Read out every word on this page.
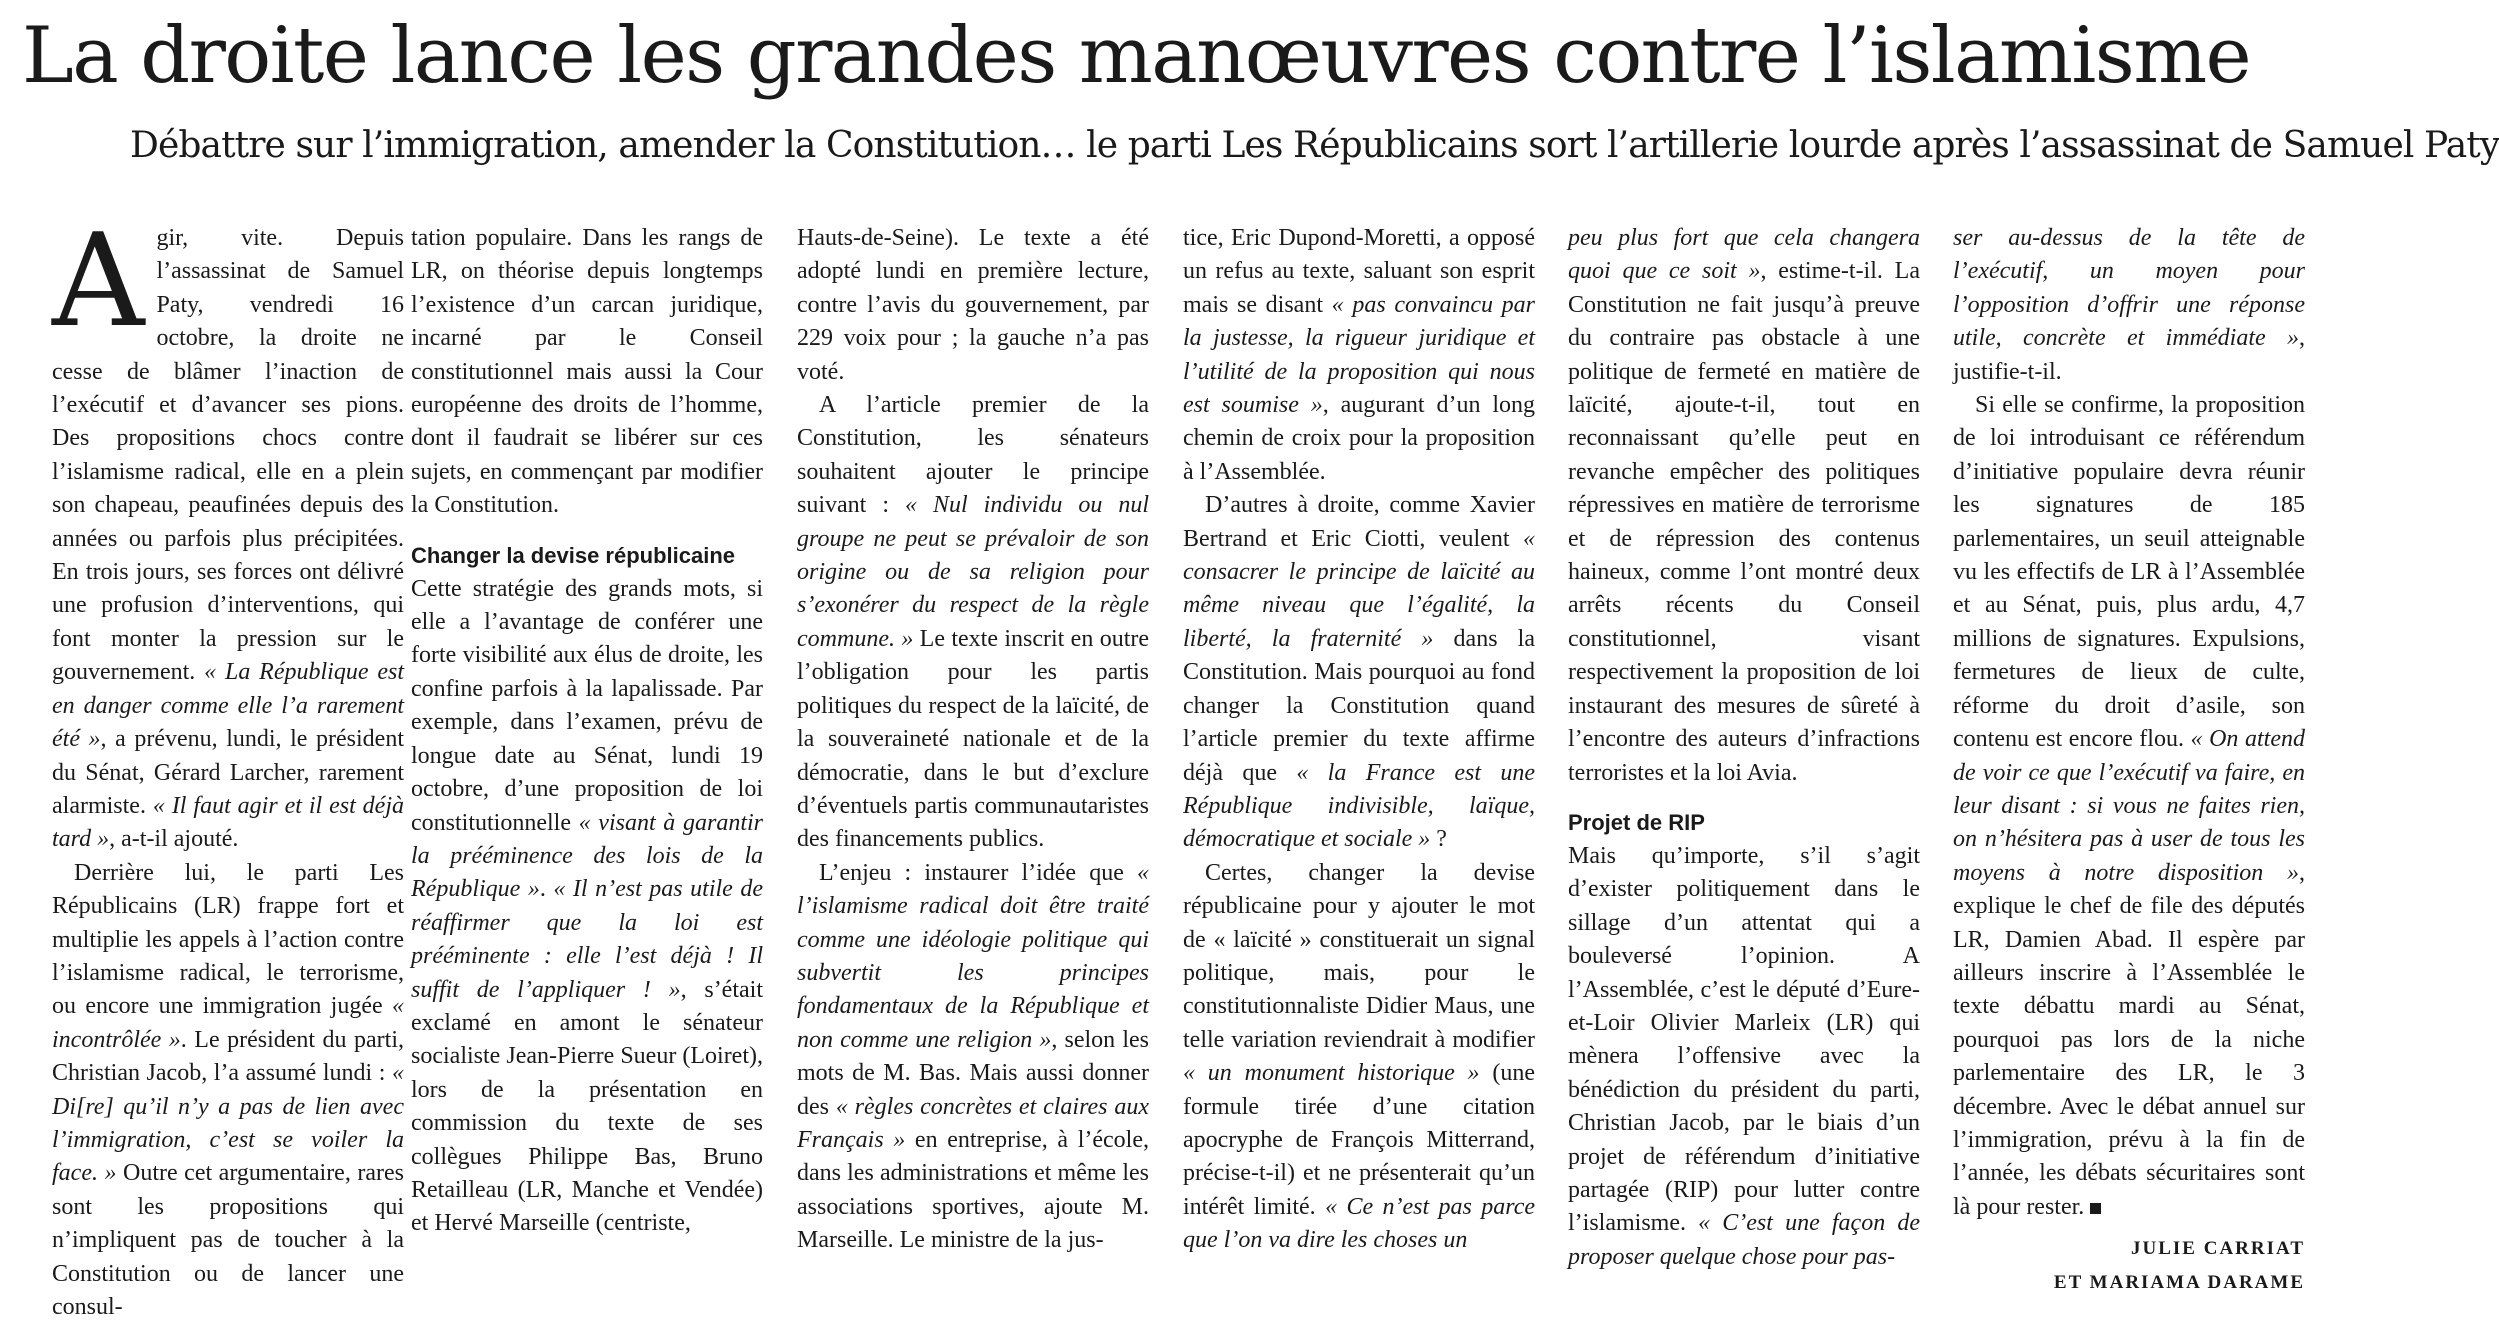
La droite lance les grandes manœuvres contre l’islamisme
Débattre sur l’immigration, amender la Constitution… le parti Les Républicains sort l’artillerie lourde après l’assassinat de Samuel Paty

Agir, vite. Depuis l’assassinat de Samuel Paty, vendredi 16 octobre, la droite ne cesse de blâmer l’inaction de l’exécutif et d’avancer ses pions. Des propositions chocs contre l’islamisme radical, elle en a plein son chapeau, peaufinées depuis des années ou parfois plus précipitées. En trois jours, ses forces ont délivré une profusion d’interventions, qui font monter la pression sur le gouvernement. « La République est en danger comme elle l’a rarement été », a prévenu, lundi, le président du Sénat, Gérard Larcher, rarement alarmiste. « Il faut agir et il est déjà tard », a-t-il ajouté.

Derrière lui, le parti Les Républicains (LR) frappe fort et multiplie les appels à l’action contre l’islamisme radical, le terrorisme, ou encore une immigration jugée « incontrôlée ». Le président du parti, Christian Jacob, l’a assumé lundi : « Di[re] qu’il n’y a pas de lien avec l’immigration, c’est se voiler la face. » Outre cet argumentaire, rares sont les propositions qui n’impliquent pas de toucher à la Constitution ou de lancer une consul-

tation populaire. Dans les rangs de LR, on théorise depuis longtemps l’existence d’un carcan juridique, incarné par le Conseil constitutionnel mais aussi la Cour européenne des droits de l’homme, dont il faudrait se libérer sur ces sujets, en commençant par modifier la Constitution.

Changer la devise républicaine

Cette stratégie des grands mots, si elle a l’avantage de conférer une forte visibilité aux élus de droite, les confine parfois à la lapalissade. Par exemple, dans l’examen, prévu de longue date au Sénat, lundi 19 octobre, d’une proposition de loi constitutionnelle « visant à garantir la prééminence des lois de la République ». « Il n’est pas utile de réaffirmer que la loi est prééminente : elle l’est déjà ! Il suffit de l’appliquer ! », s’était exclamé en amont le sénateur socialiste Jean-Pierre Sueur (Loiret), lors de la présentation en commission du texte de ses collègues Philippe Bas, Bruno Retailleau (LR, Manche et Vendée) et Hervé Marseille (centriste,

Hauts-de-Seine). Le texte a été adopté lundi en première lecture, contre l’avis du gouvernement, par 229 voix pour ; la gauche n’a pas voté.

A l’article premier de la Constitution, les sénateurs souhaitent ajouter le principe suivant : « Nul individu ou nul groupe ne peut se prévaloir de son origine ou de sa religion pour s’exonérer du respect de la règle commune. » Le texte inscrit en outre l’obligation pour les partis politiques du respect de la laïcité, de la souveraineté nationale et de la démocratie, dans le but d’exclure d’éventuels partis communautaristes des financements publics.

L’enjeu : instaurer l’idée que « l’islamisme radical doit être traité comme une idéologie politique qui subvertit les principes fondamentaux de la République et non comme une religion », selon les mots de M. Bas. Mais aussi donner des « règles concrètes et claires aux Français » en entreprise, à l’école, dans les administrations et même les associations sportives, ajoute M. Marseille. Le ministre de la jus-

tice, Eric Dupond-Moretti, a opposé un refus au texte, saluant son esprit mais se disant « pas convaincu par la justesse, la rigueur juridique et l’utilité de la proposition qui nous est soumise », augurant d’un long chemin de croix pour la proposition à l’Assemblée.

D’autres à droite, comme Xavier Bertrand et Eric Ciotti, veulent « consacrer le principe de laïcité au même niveau que l’égalité, la liberté, la fraternité » dans la Constitution. Mais pourquoi au fond changer la Constitution quand l’article premier du texte affirme déjà que « la France est une République indivisible, laïque, démocratique et sociale » ?

Certes, changer la devise républicaine pour y ajouter le mot de « laïcité » constituerait un signal politique, mais, pour le constitutionnaliste Didier Maus, une telle variation reviendrait à modifier « un monument historique » (une formule tirée d’une citation apocryphe de François Mitterrand, précise-t-il) et ne présenterait qu’un intérêt limité. « Ce n’est pas parce que l’on va dire les choses un

peu plus fort que cela changera quoi que ce soit », estime-t-il. La Constitution ne fait jusqu’à preuve du contraire pas obstacle à une politique de fermeté en matière de laïcité, ajoute-t-il, tout en reconnaissant qu’elle peut en revanche empêcher des politiques répressives en matière de terrorisme et de répression des contenus haineux, comme l’ont montré deux arrêts récents du Conseil constitutionnel, visant respectivement la proposition de loi instaurant des mesures de sûreté à l’encontre des auteurs d’infractions terroristes et la loi Avia.

Projet de RIP

Mais qu’importe, s’il s’agit d’exister politiquement dans le sillage d’un attentat qui a bouleversé l’opinion. A l’Assemblée, c’est le député d’Eure-et-Loir Olivier Marleix (LR) qui mènera l’offensive avec la bénédiction du président du parti, Christian Jacob, par le biais d’un projet de référendum d’initiative partagée (RIP) pour lutter contre l’islamisme. « C’est une façon de proposer quelque chose pour pas-

ser au-dessus de la tête de l’exécutif, un moyen pour l’opposition d’offrir une réponse utile, concrète et immédiate », justifie-t-il.

Si elle se confirme, la proposition de loi introduisant ce référendum d’initiative populaire devra réunir les signatures de 185 parlementaires, un seuil atteignable vu les effectifs de LR à l’Assemblée et au Sénat, puis, plus ardu, 4,7 millions de signatures. Expulsions, fermetures de lieux de culte, réforme du droit d’asile, son contenu est encore flou. « On attend de voir ce que l’exécutif va faire, en leur disant : si vous ne faites rien, on n’hésitera pas à user de tous les moyens à notre disposition », explique le chef de file des députés LR, Damien Abad. Il espère par ailleurs inscrire à l’Assemblée le texte débattu mardi au Sénat, pourquoi pas lors de la niche parlementaire des LR, le 3 décembre. Avec le débat annuel sur l’immigration, prévu à la fin de l’année, les débats sécuritaires sont là pour rester.

JULIE CARRIAT
ET MARIAMA DARAME
